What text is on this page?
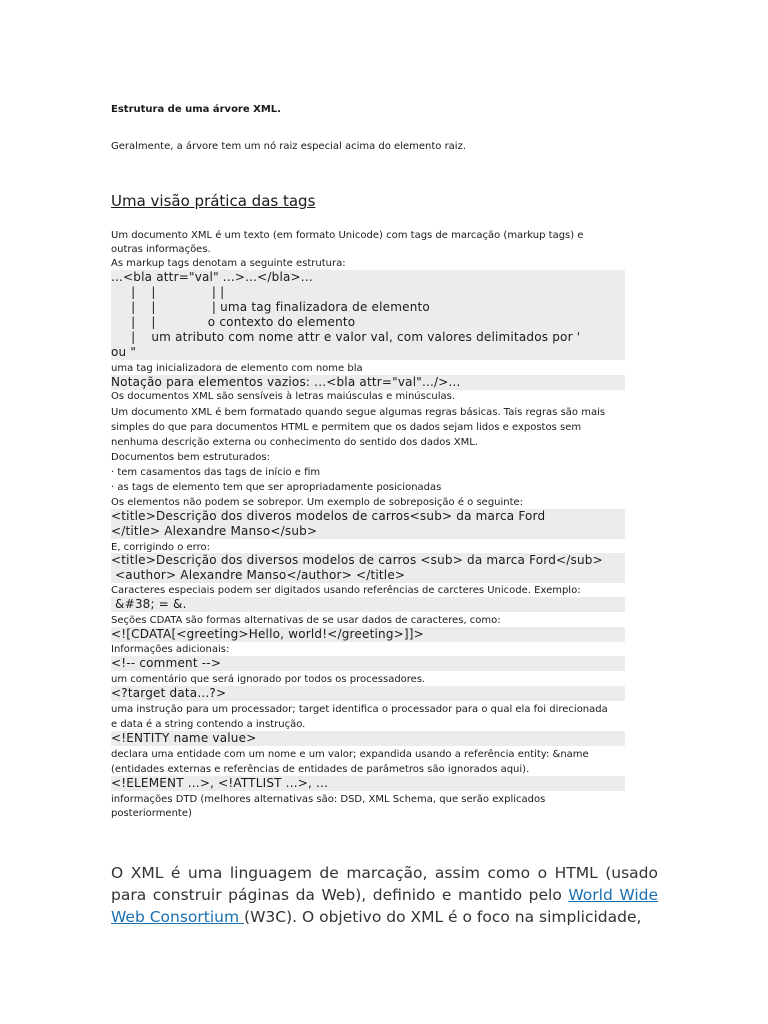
Estrutura de uma árvore XML.
Geralmente, a árvore tem um nó raiz especial acima do elemento raiz.
Uma visão prática das tags
Um documento XML é um texto (em formato Unicode) com tags de marcação (markup tags) e
outras informações.
As markup tags denotam a seguinte estrutura:
...<bla attr="val" ...>...</bla>...
|    |              | |
|    |              | uma tag finalizadora de elemento
|    |             o contexto do elemento
|    um atributo com nome attr e valor val, com valores delimitados por '
ou "
uma tag inicializadora de elemento com nome bla
Notação para elementos vazios: ...<bla attr="val".../>...
Os documentos XML são sensíveis à letras maiúsculas e minúsculas.
Um documento XML é bem formatado quando segue algumas regras básicas. Tais regras são mais
simples do que para documentos HTML e permitem que os dados sejam lidos e expostos sem
nenhuma descrição externa ou conhecimento do sentido dos dados XML.
Documentos bem estruturados:
· tem casamentos das tags de início e fim
· as tags de elemento tem que ser apropriadamente posicionadas
Os elementos não podem se sobrepor. Um exemplo de sobreposição é o seguinte:
<title>Descrição dos diveros modelos de carros<sub> da marca Ford
</title> Alexandre Manso</sub>
E, corrigindo o erro:
<title>Descrição dos diversos modelos de carros <sub> da marca Ford</sub>
<author> Alexandre Manso</author> </title>
Caracteres especiais podem ser digitados usando referências de carcteres Unicode. Exemplo:
&#38; = &.
Seções CDATA são formas alternativas de se usar dados de caracteres, como:
<![CDATA[<greeting>Hello, world!</greeting>]]>
Informações adicionais:
<!-- comment -->
um comentário que será ignorado por todos os processadores.
<?target data...?>
uma instrução para um processador; target identifica o processador para o qual ela foi direcionada
e data é a string contendo a instrução.
<!ENTITY name value>
declara uma entidade com um nome e um valor; expandida usando a referência entity: &name
(entidades externas e referências de entidades de parâmetros são ignorados aqui).
<!ELEMENT ...>, <!ATTLIST ...>, ...
informações DTD (melhores alternativas são: DSD, XML Schema, que serão explicados
posteriormente)
O XML é uma linguagem de marcação, assim como o HTML (usado para construir páginas da Web), definido e mantido pelo World Wide Web Consortium (W3C). O objetivo do XML é o foco na simplicidade,
